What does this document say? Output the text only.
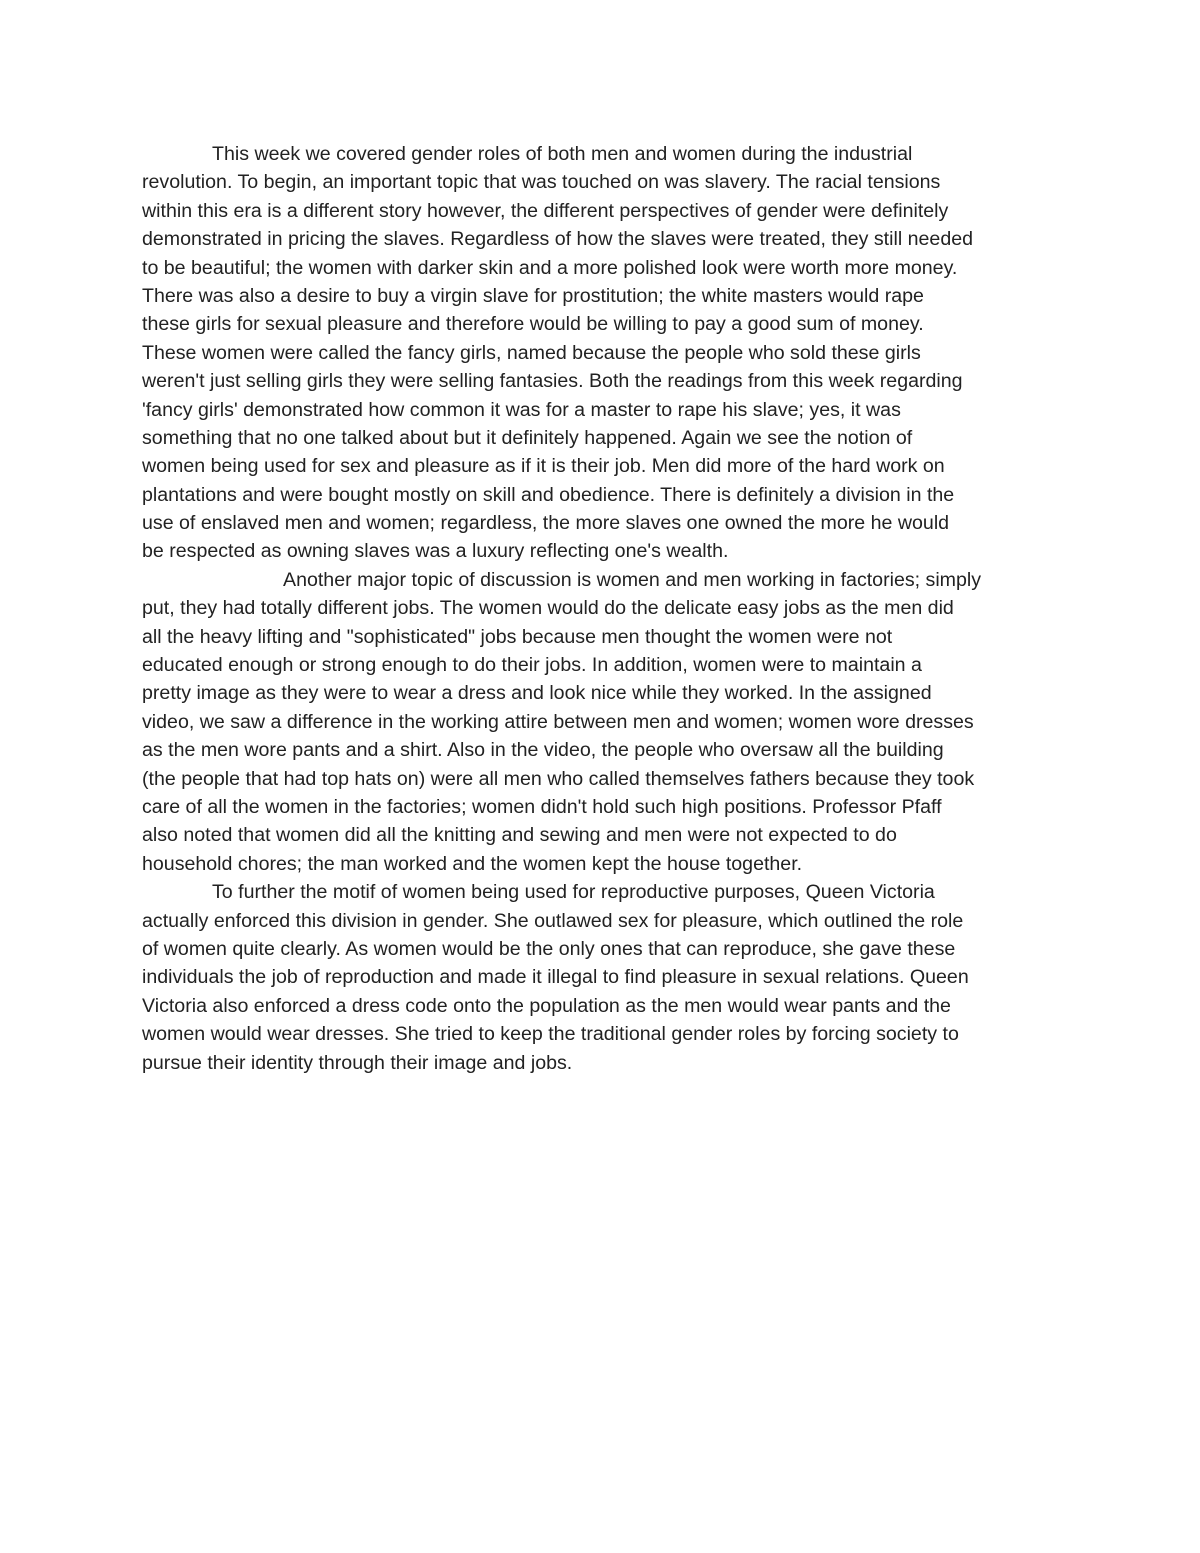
This week we covered gender roles of both men and women during the industrial
revolution. To begin, an important topic that was touched on was slavery. The racial tensions
within this era is a different story however, the different perspectives of gender were definitely
demonstrated in pricing the slaves. Regardless of how the slaves were treated, they still needed
to be beautiful; the women with darker skin and a more polished look were worth more money.
There was also a desire to buy a virgin slave for prostitution; the white masters would rape
these girls for sexual pleasure and therefore would be willing to pay a good sum of money.
These women were called the fancy girls, named because the people who sold these girls
weren't just selling girls they were selling fantasies. Both the readings from this week regarding
'fancy girls' demonstrated how common it was for a master to rape his slave; yes, it was
something that no one talked about but it definitely happened. Again we see the notion of
women being used for sex and pleasure as if it is their job. Men did more of the hard work on
plantations and were bought mostly on skill and obedience. There is definitely a division in the
use of enslaved men and women; regardless, the more slaves one owned the more he would
be respected as owning slaves was a luxury reflecting one's wealth.
Another major topic of discussion is women and men working in factories; simply
put, they had totally different jobs. The women would do the delicate easy jobs as the men did
all the heavy lifting and "sophisticated" jobs because men thought the women were not
educated enough or strong enough to do their jobs. In addition, women were to maintain a
pretty image as they were to wear a dress and look nice while they worked. In the assigned
video, we saw a difference in the working attire between men and women; women wore dresses
as the men wore pants and a shirt. Also in the video, the people who oversaw all the building
(the people that had top hats on) were all men who called themselves fathers because they took
care of all the women in the factories; women didn't hold such high positions. Professor Pfaff
also noted that women did all the knitting and sewing and men were not expected to do
household chores; the man worked and the women kept the house together.
To further the motif of women being used for reproductive purposes, Queen Victoria
actually enforced this division in gender. She outlawed sex for pleasure, which outlined the role
of women quite clearly. As women would be the only ones that can reproduce, she gave these
individuals the job of reproduction and made it illegal to find pleasure in sexual relations. Queen
Victoria also enforced a dress code onto the population as the men would wear pants and the
women would wear dresses. She tried to keep the traditional gender roles by forcing society to
pursue their identity through their image and jobs.
